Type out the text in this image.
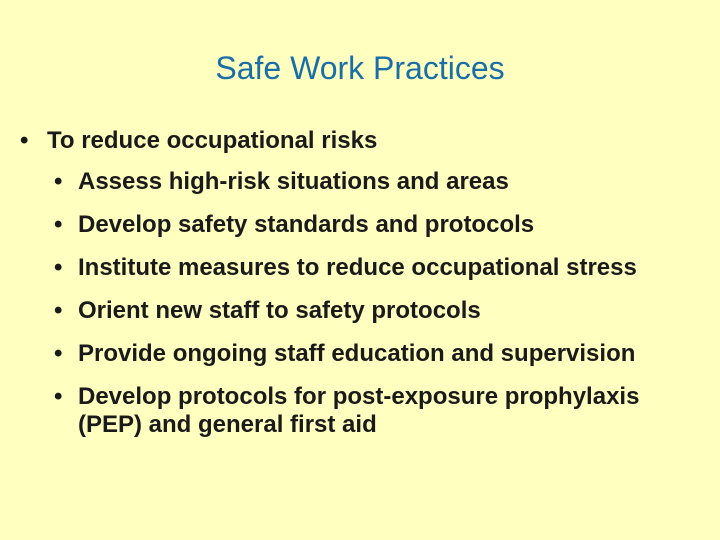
Safe Work Practices
• To reduce occupational risks
• Assess high-risk situations and areas
• Develop safety standards and protocols
• Institute measures to reduce occupational stress
• Orient new staff to safety protocols
• Provide ongoing staff education and supervision
• Develop protocols for post-exposure prophylaxis (PEP) and general first aid
